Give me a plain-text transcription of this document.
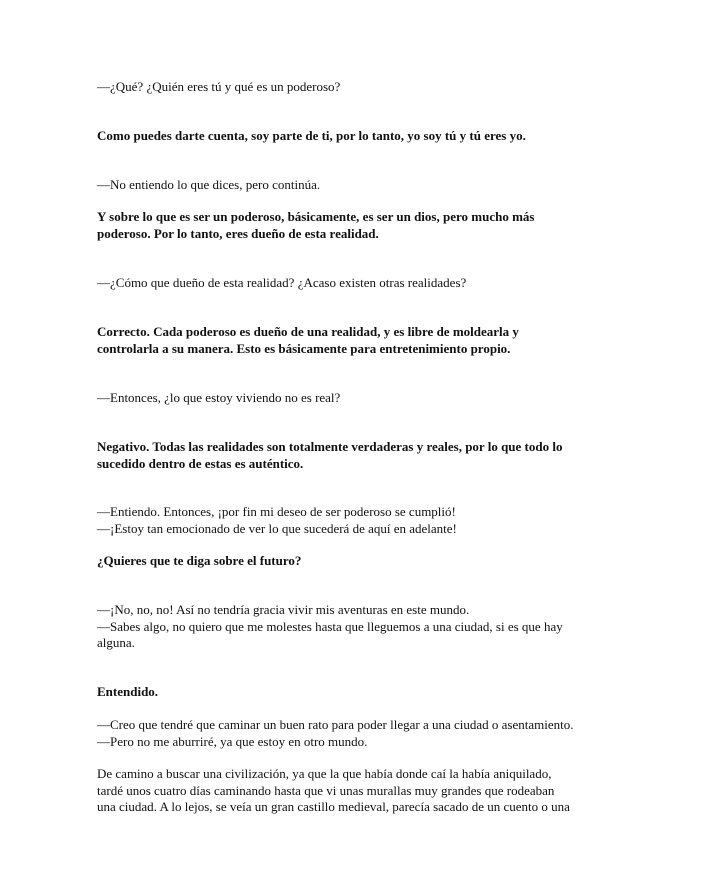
—¿Qué? ¿Quién eres tú y qué es un poderoso?

Como puedes darte cuenta, soy parte de ti, por lo tanto, yo soy tú y tú eres yo.

—No entiendo lo que dices, pero continúa.

Y sobre lo que es ser un poderoso, básicamente, es ser un dios, pero mucho más
poderoso. Por lo tanto, eres dueño de esta realidad.

—¿Cómo que dueño de esta realidad? ¿Acaso existen otras realidades?

Correcto. Cada poderoso es dueño de una realidad, y es libre de moldearla y
controlarla a su manera. Esto es básicamente para entretenimiento propio.

—Entonces, ¿lo que estoy viviendo no es real?

Negativo. Todas las realidades son totalmente verdaderas y reales, por lo que todo lo
sucedido dentro de estas es auténtico.

—Entiendo. Entonces, ¡por fin mi deseo de ser poderoso se cumplió!
—¡Estoy tan emocionado de ver lo que sucederá de aquí en adelante!

¿Quieres que te diga sobre el futuro?

—¡No, no, no! Así no tendría gracia vivir mis aventuras en este mundo.
—Sabes algo, no quiero que me molestes hasta que lleguemos a una ciudad, si es que hay
alguna.

Entendido.

—Creo que tendré que caminar un buen rato para poder llegar a una ciudad o asentamiento.
—Pero no me aburriré, ya que estoy en otro mundo.

De camino a buscar una civilización, ya que la que había donde caí la había aniquilado,
tardé unos cuatro días caminando hasta que vi unas murallas muy grandes que rodeaban
una ciudad. A lo lejos, se veía un gran castillo medieval, parecía sacado de un cuento o una
